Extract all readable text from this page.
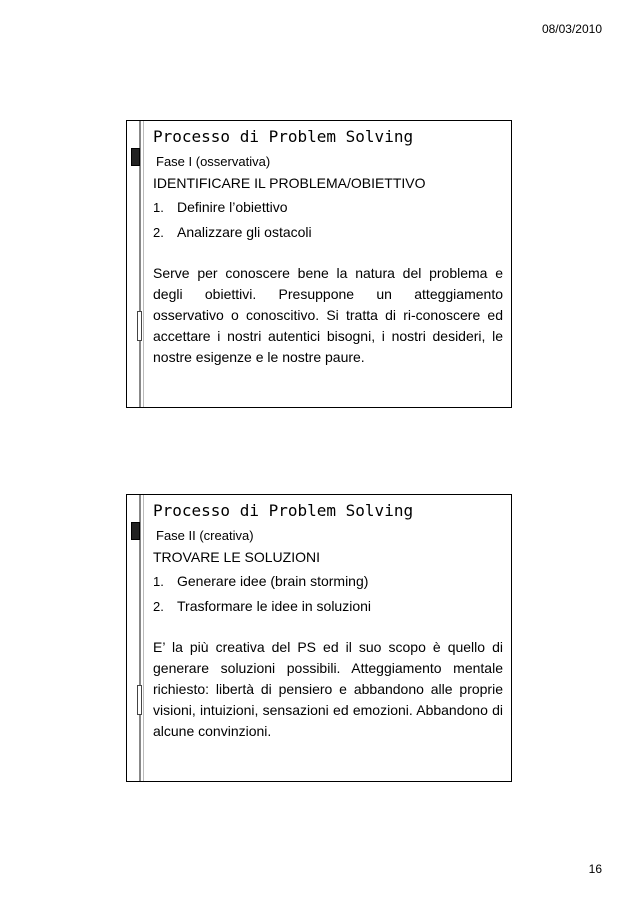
08/03/2010
Processo di Problem Solving
Fase I (osservativa)
IDENTIFICARE IL PROBLEMA/OBIETTIVO
1. Definire l’obiettivo
2. Analizzare gli ostacoli
Serve per conoscere bene la natura del problema e degli obiettivi. Presuppone un atteggiamento osservativo o conoscitivo. Si tratta di ri-conoscere ed accettare i nostri autentici bisogni, i nostri desideri, le nostre esigenze e le nostre paure.
Processo di Problem Solving
Fase II (creativa)
TROVARE LE SOLUZIONI
1. Generare idee (brain storming)
2. Trasformare le idee in soluzioni
E’ la più creativa del PS ed il suo scopo è quello di generare soluzioni possibili. Atteggiamento mentale richiesto: libertà di pensiero e abbandono alle proprie visioni, intuizioni, sensazioni ed emozioni. Abbandono di alcune convinzioni.
16
